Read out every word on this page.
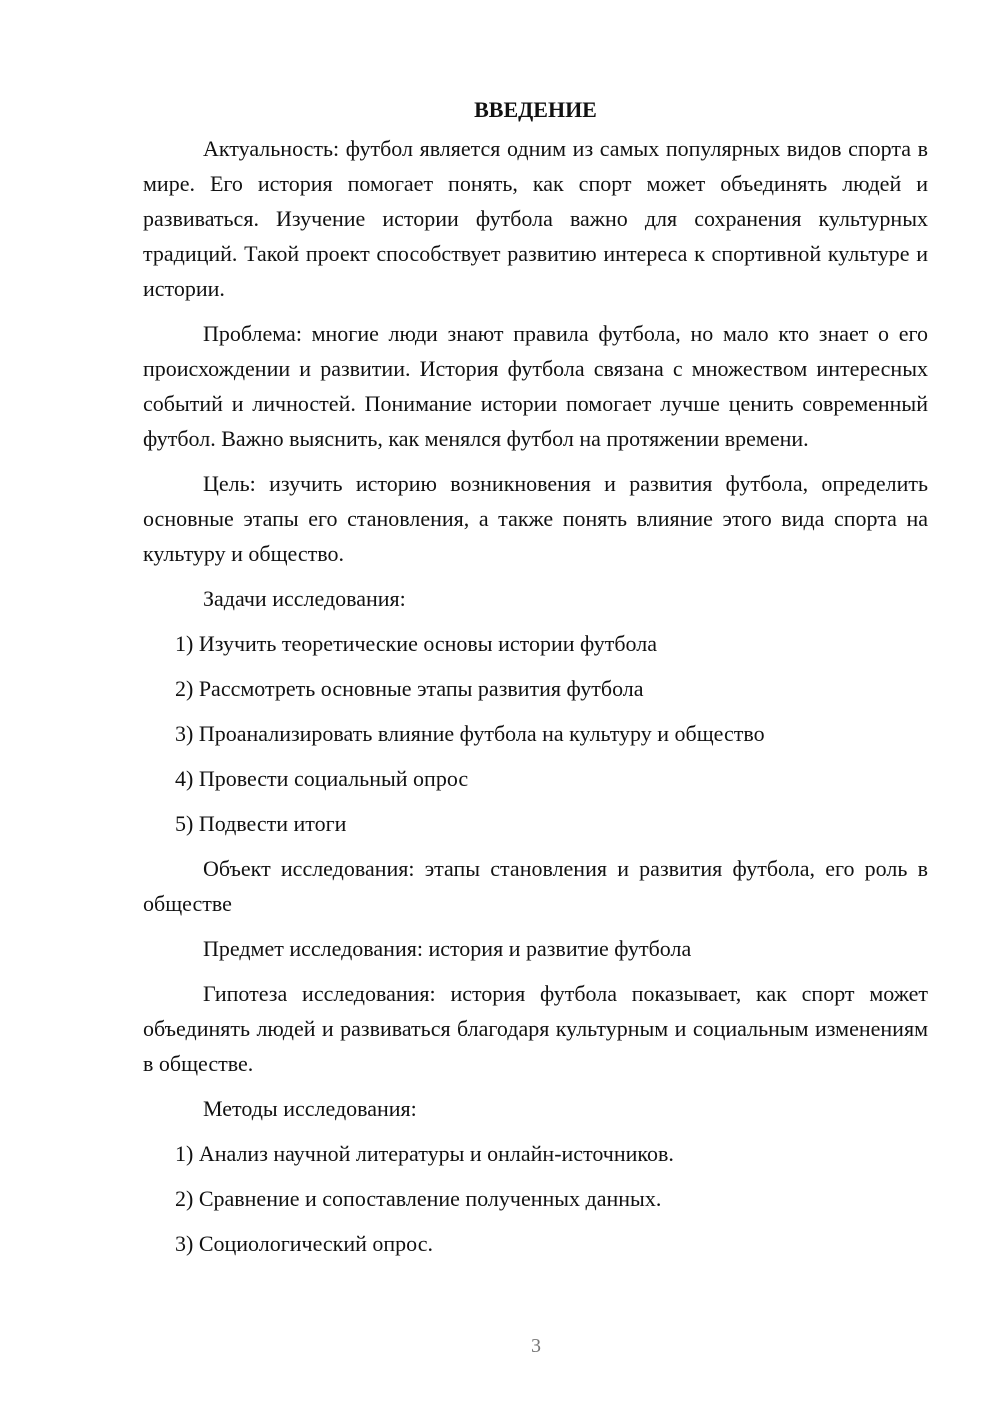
ВВЕДЕНИЕ

Актуальность: футбол является одним из самых популярных видов спорта в мире. Его история помогает понять, как спорт может объединять людей и развиваться. Изучение истории футбола важно для сохранения культурных традиций. Такой проект способствует развитию интереса к спортивной культуре и истории.

Проблема: многие люди знают правила футбола, но мало кто знает о его происхождении и развитии. История футбола связана с множеством интересных событий и личностей. Понимание истории помогает лучше ценить современный футбол. Важно выяснить, как менялся футбол на протяжении времени.

Цель: изучить историю возникновения и развития футбола, определить основные этапы его становления, а также понять влияние этого вида спорта на культуру и общество.

Задачи исследования:

1) Изучить теоретические основы истории футбола

2) Рассмотреть основные этапы развития футбола

3) Проанализировать влияние футбола на культуру и общество

4) Провести социальный опрос

5) Подвести итоги

Объект исследования: этапы становления и развития футбола, его роль в обществе

Предмет исследования: история и развитие футбола

Гипотеза исследования: история футбола показывает, как спорт может объединять людей и развиваться благодаря культурным и социальным изменениям в обществе.

Методы исследования:

1) Анализ научной литературы и онлайн-источников.

2) Сравнение и сопоставление полученных данных.

3) Социологический опрос.

3
